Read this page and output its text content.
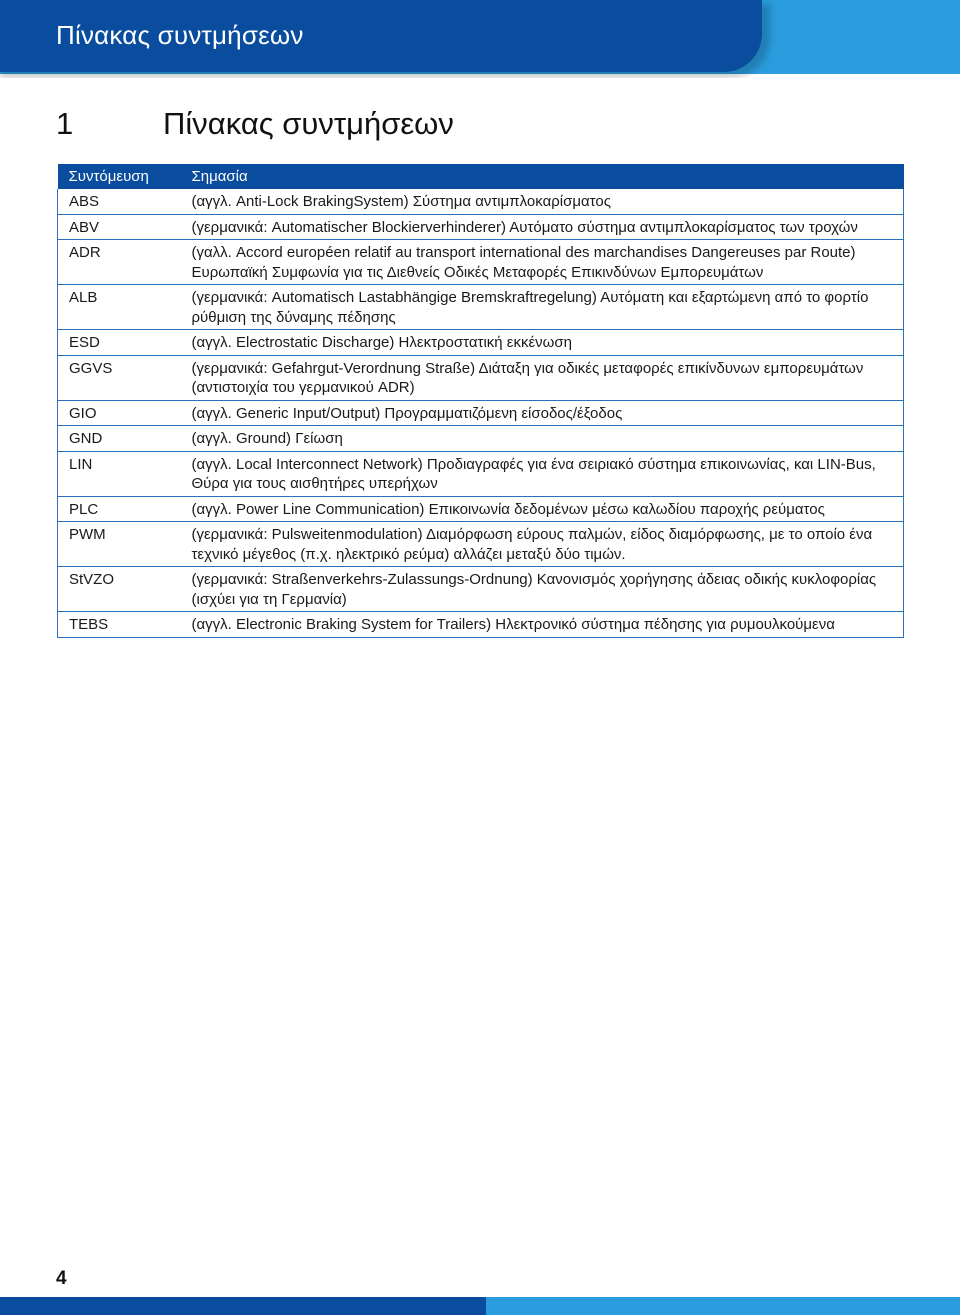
Πίνακας συντμήσεων
1	Πίνακας συντμήσεων
Συντόμευση	Σημασία
ABS	(αγγλ. Anti-Lock BrakingSystem) Σύστημα αντιμπλοκαρίσματος
ABV	(γερμανικά: Automatischer Blockierverhinderer) Αυτόματο σύστημα αντιμπλοκαρίσματος των τροχών
ADR	(γαλλ. Accord européen relatif au transport international des marchandises Dangereuses par Route) Ευρωπαϊκή Συμφωνία για τις Διεθνείς Οδικές Μεταφορές Επικινδύνων Εμπορευμάτων
ALB	(γερμανικά: Automatisch Lastabhängige Bremskraftregelung) Αυτόματη και εξαρτώμενη από το φορτίο ρύθμιση της δύναμης πέδησης
ESD	(αγγλ. Electrostatic Discharge) Ηλεκτροστατική εκκένωση
GGVS	(γερμανικά: Gefahrgut-Verordnung Straße) Διάταξη για οδικές μεταφορές επικίνδυνων εμπορευμάτων (αντιστοιχία του γερμανικού ADR)
GIO	(αγγλ. Generic Input/Output) Προγραμματιζόμενη είσοδος/έξοδος
GND	(αγγλ. Ground) Γείωση
LIN	(αγγλ. Local Interconnect Network) Προδιαγραφές για ένα σειριακό σύστημα επικοινωνίας, και LIN-Bus, Θύρα για τους αισθητήρες υπερήχων
PLC	(αγγλ. Power Line Communication) Επικοινωνία δεδομένων μέσω καλωδίου παροχής ρεύματος
PWM	(γερμανικά: Pulsweitenmodulation) Διαμόρφωση εύρους παλμών, είδος διαμόρφωσης, με το οποίο ένα τεχνικό μέγεθος (π.χ. ηλεκτρικό ρεύμα) αλλάζει μεταξύ δύο τιμών.
StVZO	(γερμανικά: Straßenverkehrs-Zulassungs-Ordnung) Κανονισμός χορήγησης άδειας οδικής κυκλοφορίας (ισχύει για τη Γερμανία)
TEBS	(αγγλ. Electronic Braking System for Trailers) Ηλεκτρονικό σύστημα πέδησης για ρυμουλκούμενα
4
